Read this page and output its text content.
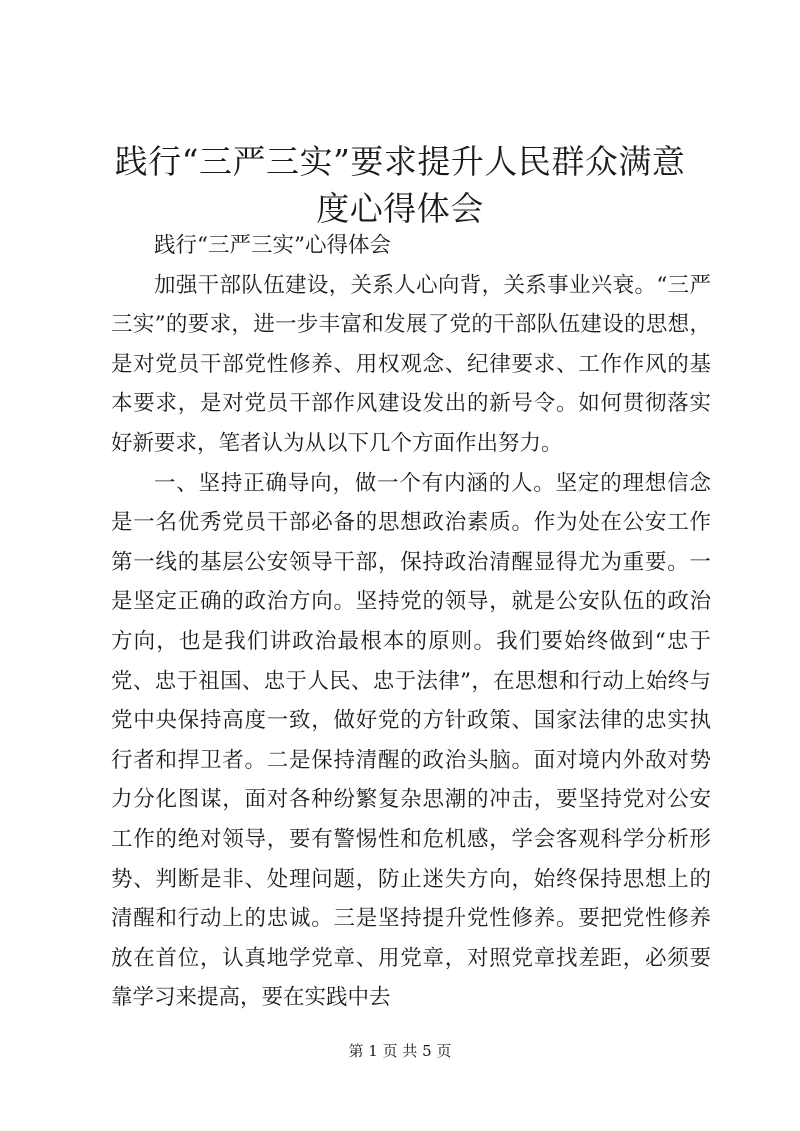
践行“三严三实”要求提升人民群众满意度心得体会

践行“三严三实”心得体会

加强干部队伍建设，关系人心向背，关系事业兴衰。“三严三实”的要求，进一步丰富和发展了党的干部队伍建设的思想，是对党员干部党性修养、用权观念、纪律要求、工作作风的基本要求，是对党员干部作风建设发出的新号令。如何贯彻落实好新要求，笔者认为从以下几个方面作出努力。

一、坚持正确导向，做一个有内涵的人。坚定的理想信念是一名优秀党员干部必备的思想政治素质。作为处在公安工作第一线的基层公安领导干部，保持政治清醒显得尤为重要。一是坚定正确的政治方向。坚持党的领导，就是公安队伍的政治方向，也是我们讲政治最根本的原则。我们要始终做到“忠于党、忠于祖国、忠于人民、忠于法律”，在思想和行动上始终与党中央保持高度一致，做好党的方针政策、国家法律的忠实执行者和捍卫者。二是保持清醒的政治头脑。面对境内外敌对势力分化图谋，面对各种纷繁复杂思潮的冲击，要坚持党对公安工作的绝对领导，要有警惕性和危机感，学会客观科学分析形势、判断是非、处理问题，防止迷失方向，始终保持思想上的清醒和行动上的忠诚。三是坚持提升党性修养。要把党性修养放在首位，认真地学党章、用党章，对照党章找差距，必须要靠学习来提高，要在实践中去

第 1 页 共 5 页
